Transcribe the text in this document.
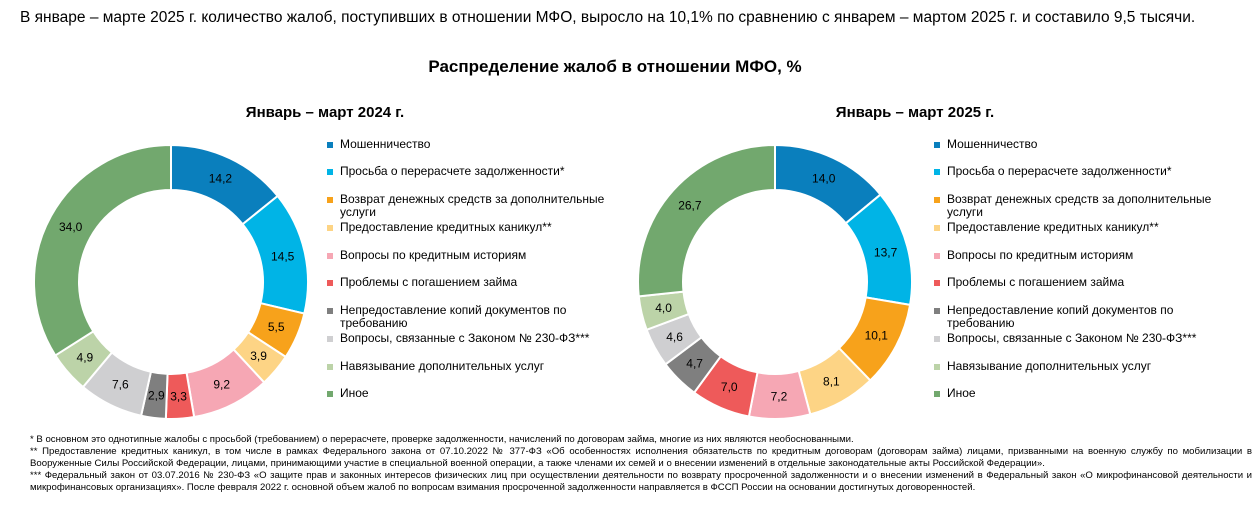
В январе – марте 2025 г. количество жалоб, поступивших в отношении МФО, выросло на 10,1% по сравнению с январем – мартом 2025 г. и составило 9,5 тысячи.
Распределение жалоб в отношении МФО, %
Январь – март 2024 г.	Январь – март 2025 г.
14,2
14,5
5,5
3,9
9,2
3,3
2,9
7,6
4,9
34,0
14,0
13,7
10,1
8,1
7,2
7,0
4,7
4,6
4,0
26,7
Мошенничество
Просьба о перерасчете задолженности*
Возврат денежных средств за дополнительные услуги
Предоставление кредитных каникул**
Вопросы по кредитным историям
Проблемы с погашением займа
Непредоставление копий документов по требованию
Вопросы, связанные с Законом № 230-ФЗ***
Навязывание дополнительных услуг
Иное
Мошенничество
Просьба о перерасчете задолженности*
Возврат денежных средств за дополнительные услуги
Предоставление кредитных каникул**
Вопросы по кредитным историям
Проблемы с погашением займа
Непредоставление копий документов по требованию
Вопросы, связанные с Законом № 230-ФЗ***
Навязывание дополнительных услуг
Иное

* В основном это однотипные жалобы с просьбой (требованием) о перерасчете, проверке задолженности, начислений по договорам займа, многие из них являются необоснованными.

** Предоставление кредитных каникул, в том числе в рамках Федерального закона от 07.10.2022 № 377-ФЗ «Об особенностях исполнения обязательств по кредитным договорам (договорам займа) лицами, призванными на военную службу по мобилизации в Вооруженные Силы Российской Федерации, лицами, принимающими участие в специальной военной операции, а также членами их семей и о внесении изменений в отдельные законодательные акты Российской Федерации».

*** Федеральный закон от 03.07.2016 № 230-ФЗ «О защите прав и законных интересов физических лиц при осуществлении деятельности по возврату просроченной задолженности и о внесении изменений в Федеральный закон «О микрофинансовой деятельности и микрофинансовых организациях». После февраля 2022 г. основной объем жалоб по вопросам взимания просроченной задолженности направляется в ФССП России на основании достигнутых договоренностей.
